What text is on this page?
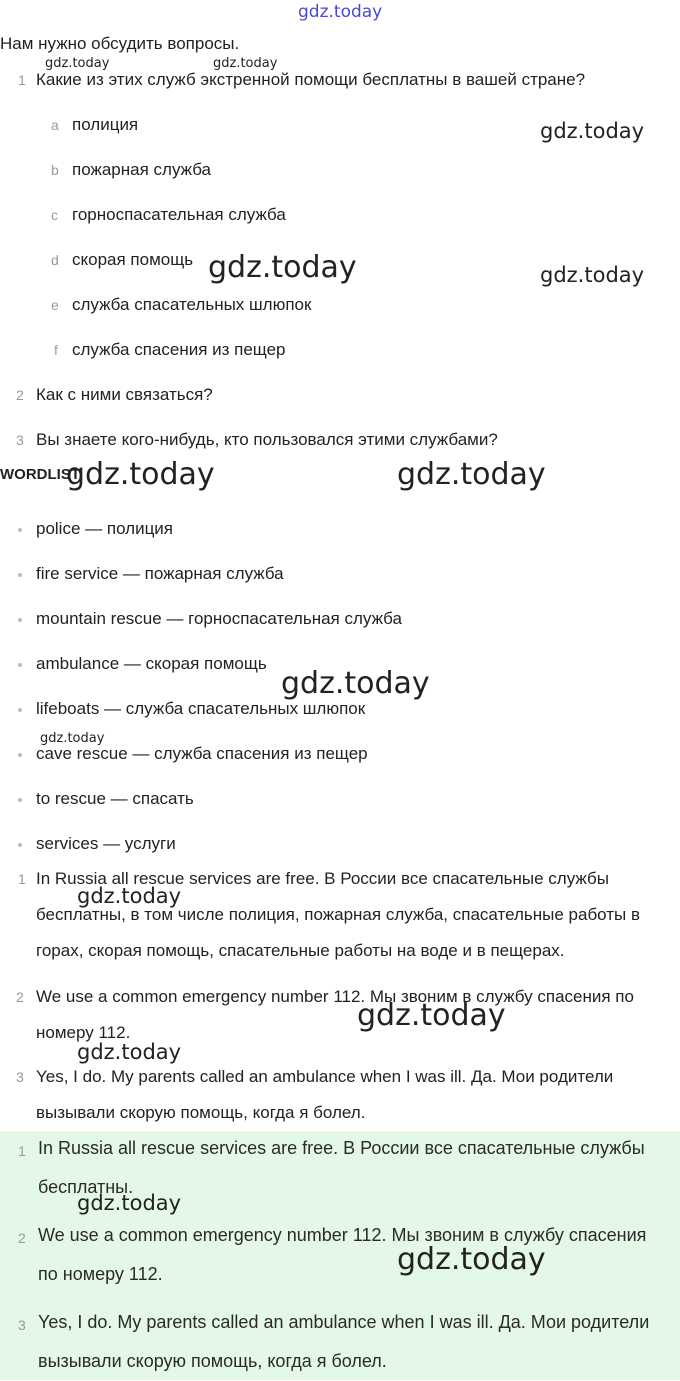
gdz.today
Нам нужно обсудить вопросы.
1 Какие из этих служб экстренной помощи бесплатны в вашей стране?
a полиция
b пожарная служба
c горноспасательная служба
d скорая помощь
e служба спасательных шлюпок
f служба спасения из пещер
2 Как с ними связаться?
3 Вы знаете кого-нибудь, кто пользовался этими службами?
WORDLIST
police — полиция
fire service — пожарная служба
mountain rescue — горноспасательная служба
ambulance — скорая помощь
lifeboats — служба спасательных шлюпок
cave rescue — служба спасения из пещер
to rescue — спасать
services — услуги
1 In Russia all rescue services are free. В России все спасательные службы бесплатны, в том числе полиция, пожарная служба, спасательные работы в горах, скорая помощь, спасательные работы на воде и в пещерах.
2 We use a common emergency number 112. Мы звоним в службу спасения по номеру 112.
3 Yes, I do. My parents called an ambulance when I was ill. Да. Мои родители вызывали скорую помощь, когда я болел.
1 In Russia all rescue services are free. В России все спасательные службы бесплатны.
2 We use a common emergency number 112. Мы звоним в службу спасения по номеру 112.
3 Yes, I do. My parents called an ambulance when I was ill. Да. Мои родители вызывали скорую помощь, когда я болел.
gdz.today	gdz.today
gdz.today
gdz.today	gdz.today
gdz.today	gdz.today
gdz.today
gdz.today
gdz.today
gdz.today
gdz.today
gdz.today
gdz.today
